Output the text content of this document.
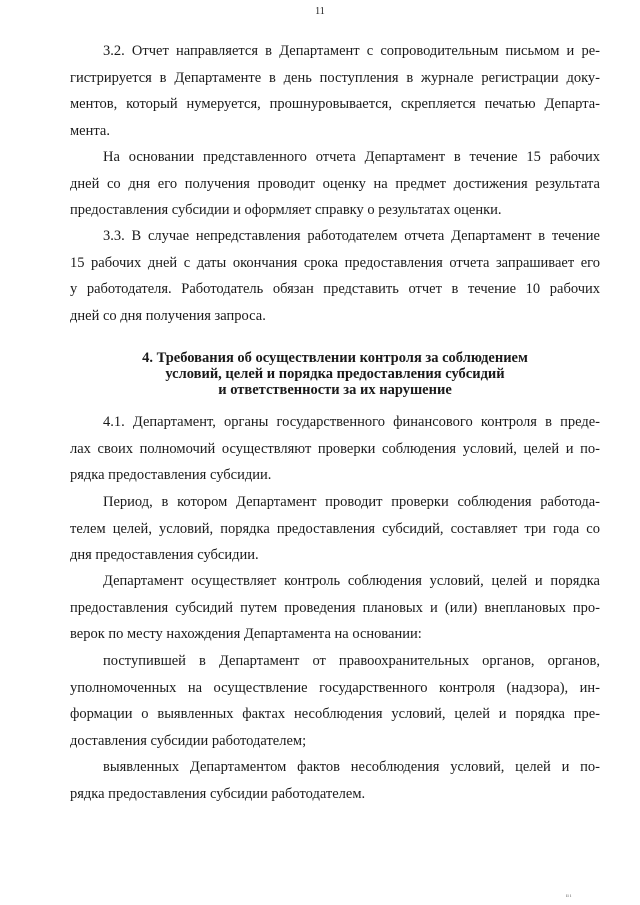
11
3.2. Отчет направляется в Департамент с сопроводительным письмом и ре-
гистрируется в Департаменте в день поступления в журнале регистрации доку-
ментов, который нумеруется, прошнуровывается, скрепляется печатью Департа-
мента.
На основании представленного отчета Департамент в течение 15 рабочих
дней со дня его получения проводит оценку на предмет достижения результата
предоставления субсидии и оформляет справку о результатах оценки.
3.3. В случае непредставления работодателем отчета Департамент в течение
15 рабочих дней с даты окончания срока предоставления отчета запрашивает его
у работодателя. Работодатель обязан представить отчет в течение 10 рабочих
дней со дня получения запроса.
4. Требования об осуществлении контроля за соблюдением
условий, целей и порядка предоставления субсидий
и ответственности за их нарушение
4.1. Департамент, органы государственного финансового контроля в преде-
лах своих полномочий осуществляют проверки соблюдения условий, целей и по-
рядка предоставления субсидии.
Период, в котором Департамент проводит проверки соблюдения работода-
телем целей, условий, порядка предоставления субсидий, составляет три года со
дня предоставления субсидии.
Департамент осуществляет контроль соблюдения условий, целей и порядка
предоставления субсидий путем проведения плановых и (или) внеплановых про-
верок по месту нахождения Департамента на основании:
поступившей в Департамент от правоохранительных органов, органов,
уполномоченных на осуществление государственного контроля (надзора), ин-
формации о выявленных фактах несоблюдения условий, целей и порядка пре-
доставления субсидии работодателем;
выявленных Департаментом фактов несоблюдения условий, целей и по-
рядка предоставления субсидии работодателем.
ıı ı
